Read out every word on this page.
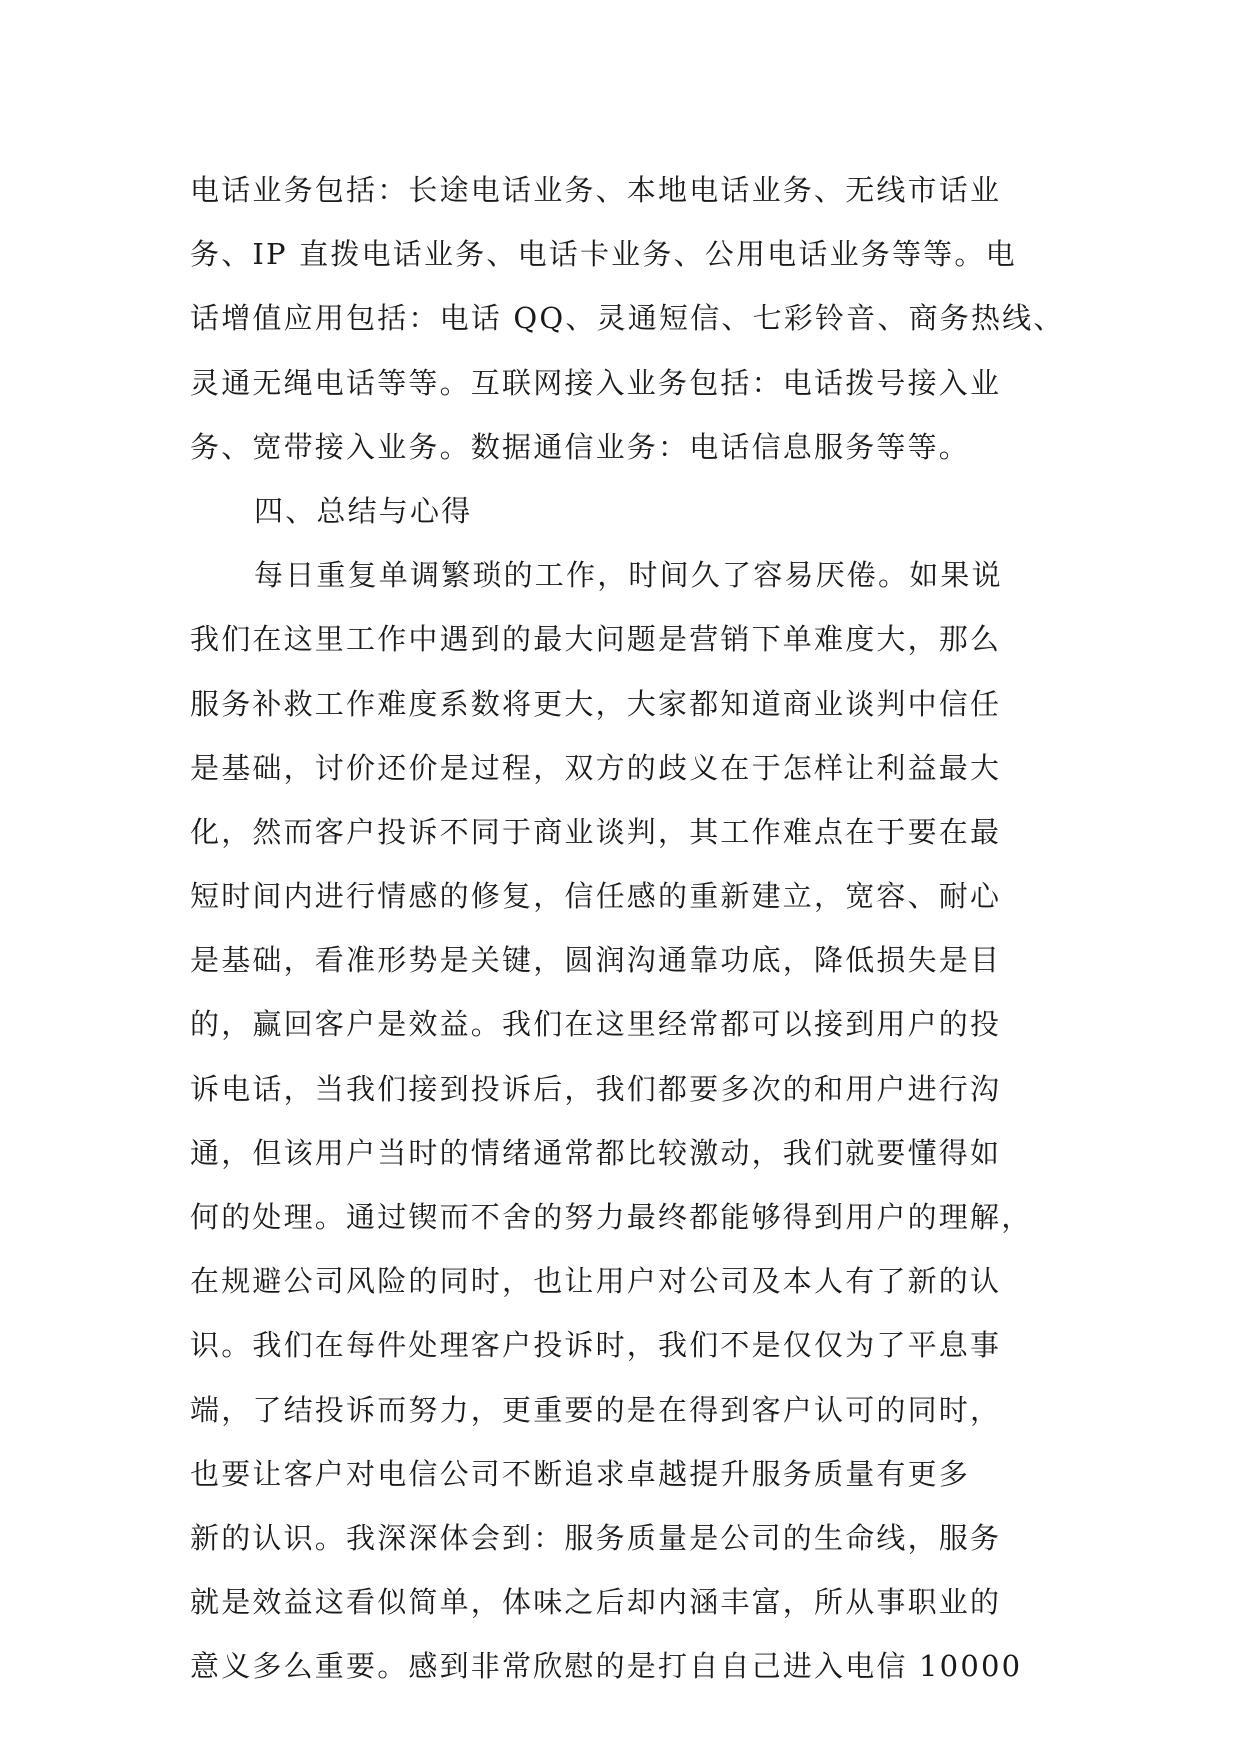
电话业务包括：长途电话业务、本地电话业务、无线市话业
务、IP 直拨电话业务、电话卡业务、公用电话业务等等。电
话增值应用包括：电话 QQ、灵通短信、七彩铃音、商务热线、
灵通无绳电话等等。互联网接入业务包括：电话拨号接入业
务、宽带接入业务。数据通信业务：电话信息服务等等。
四、总结与心得
每日重复单调繁琐的工作，时间久了容易厌倦。如果说
我们在这里工作中遇到的最大问题是营销下单难度大，那么
服务补救工作难度系数将更大，大家都知道商业谈判中信任
是基础，讨价还价是过程，双方的歧义在于怎样让利益最大
化，然而客户投诉不同于商业谈判，其工作难点在于要在最
短时间内进行情感的修复，信任感的重新建立，宽容、耐心
是基础，看准形势是关键，圆润沟通靠功底，降低损失是目
的，赢回客户是效益。我们在这里经常都可以接到用户的投
诉电话，当我们接到投诉后，我们都要多次的和用户进行沟
通，但该用户当时的情绪通常都比较激动，我们就要懂得如
何的处理。通过锲而不舍的努力最终都能够得到用户的理解，
在规避公司风险的同时，也让用户对公司及本人有了新的认
识。我们在每件处理客户投诉时，我们不是仅仅为了平息事
端，了结投诉而努力，更重要的是在得到客户认可的同时，
也要让客户对电信公司不断追求卓越提升服务质量有更多
新的认识。我深深体会到：服务质量是公司的生命线，服务
就是效益这看似简单，体味之后却内涵丰富，所从事职业的
意义多么重要。感到非常欣慰的是打自自己进入电信 10000
